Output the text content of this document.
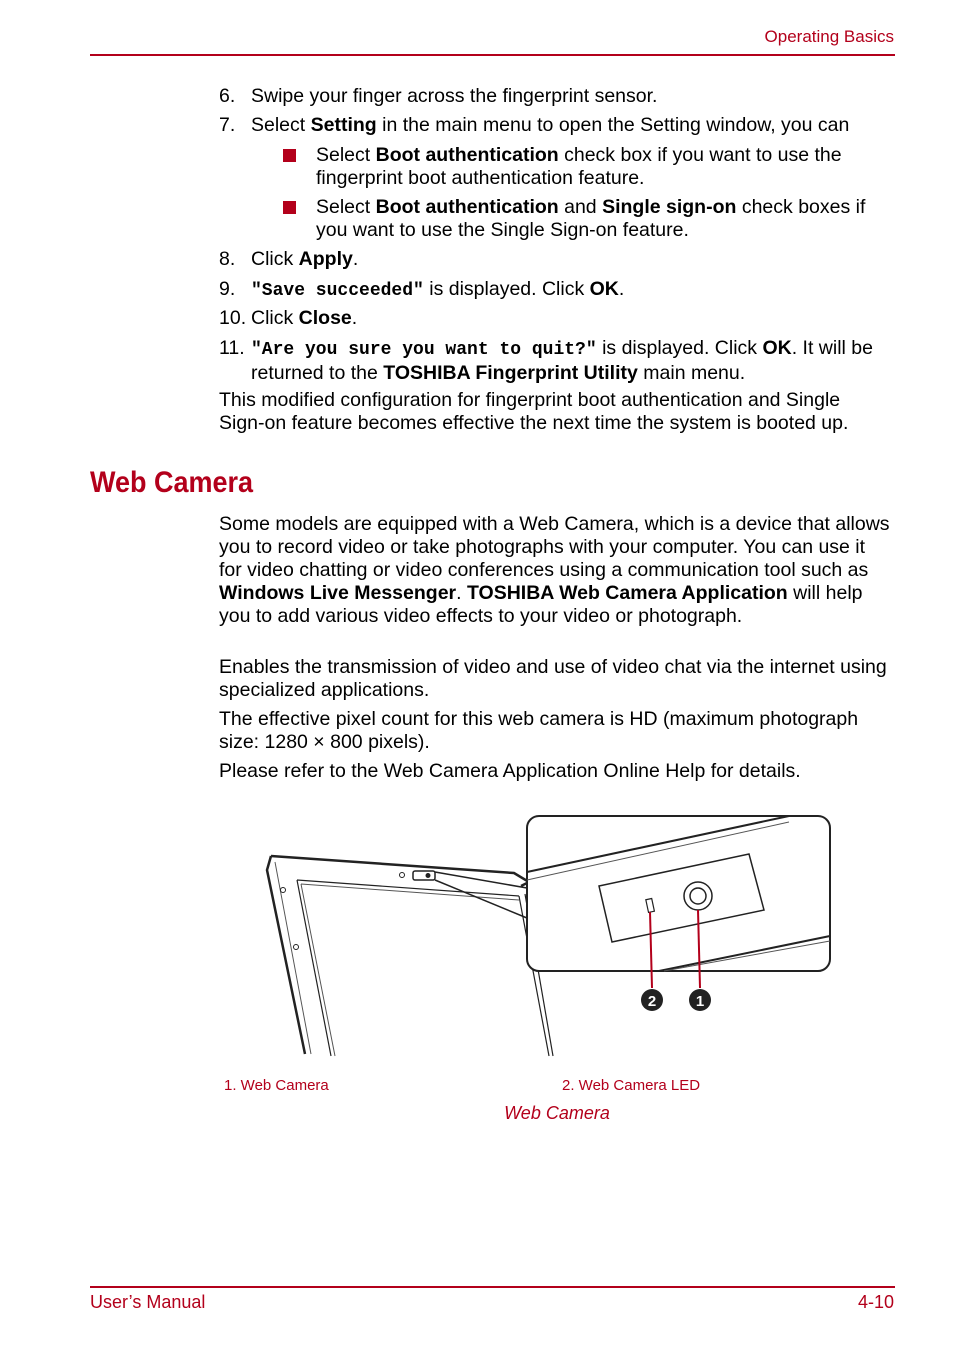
Operating Basics
6. Swipe your finger across the fingerprint sensor.
7. Select Setting in the main menu to open the Setting window, you can
Select Boot authentication check box if you want to use the fingerprint boot authentication feature.
Select Boot authentication and Single sign-on check boxes if you want to use the Single Sign-on feature.
8. Click Apply.
9. "Save succeeded" is displayed. Click OK.
10. Click Close.
11. "Are you sure you want to quit?" is displayed. Click OK. It will be returned to the TOSHIBA Fingerprint Utility main menu.

This modified configuration for fingerprint boot authentication and Single Sign-on feature becomes effective the next time the system is booted up.

Web Camera

Some models are equipped with a Web Camera, which is a device that allows you to record video or take photographs with your computer. You can use it for video chatting or video conferences using a communication tool such as Windows Live Messenger. TOSHIBA Web Camera Application will help you to add various video effects to your video or photograph.

Enables the transmission of video and use of video chat via the internet using specialized applications.

The effective pixel count for this web camera is HD (maximum photograph size: 1280 × 800 pixels).

Please refer to the Web Camera Application Online Help for details.

2	1
1. Web Camera	2. Web Camera LED
Web Camera
User’s Manual	4-10
